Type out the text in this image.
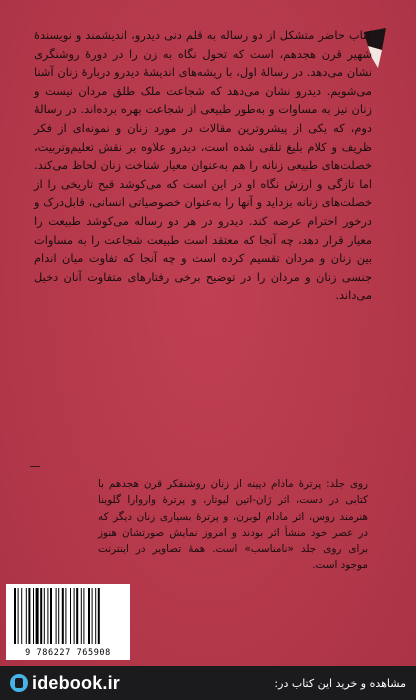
کتاب حاضر متشکل از دو رساله به قلم دنی دیدرو، اندیشمند و نویسندهٔ شهیر قرن هجدهم، است که تحول نگاه به زن را در دورهٔ روشنگری نشان می‌دهد. در رسالهٔ اول، با ریشه‌های اندیشهٔ دیدرو دربارهٔ زنان آشنا می‌شویم. دیدرو نشان می‌دهد که شجاعت ملک طلق مردان نیست و زنان نیز به مساوات و به‌طور طبیعی از شجاعت بهره برده‌اند. در رسالهٔ دوم، که یکی از پیشروترین مقالات در مورد زنان و نمونه‌ای از فکر ظریف و کلام بلیغ تلقی شده است، دیدرو علاوه بر نقش تعلیم‌وتربیت، خصلت‌های طبیعی زنانه را هم به‌عنوان معیار شناخت زنان لحاظ می‌کند. اما تازگی و ارزش نگاه او در این است که می‌کوشد قبح تاریخی را از خصلت‌های زنانه بزداید و آنها را به‌عنوان خصوصیاتی انسانی، قابل‌درک و درخور احترام عرضه کند. دیدرو در هر دو رساله می‌کوشد طبیعت را معیار قرار دهد، چه آنجا که معتقد است طبیعت شجاعت را به مساوات بین زنان و مردان تقسیم کرده است و چه آنجا که تفاوت میان اندام جنسی زنان و مردان را در توضیح برخی رفتارهای متفاوت آنان دخیل می‌داند.

روی جلد: پرترهٔ مادام دپینه از زنان روشنفکر قرن هجدهم با کتابی در دست، اثر ژان-اتین لیوتار، و پرترهٔ واروارا گلوینا هنرمند روس، اثر مادام لوبرن، و پرترهٔ بسیاری زنان دیگر که در عصر خود منشأ اثر بودند و امروز نمایش صورتشان هنوز برای روی جلد «نامناسب» است. همهٔ تصاویر در اینترنت موجود است.

9 786227 765908
idebook.ir	مشاهده و خرید این کتاب در:
